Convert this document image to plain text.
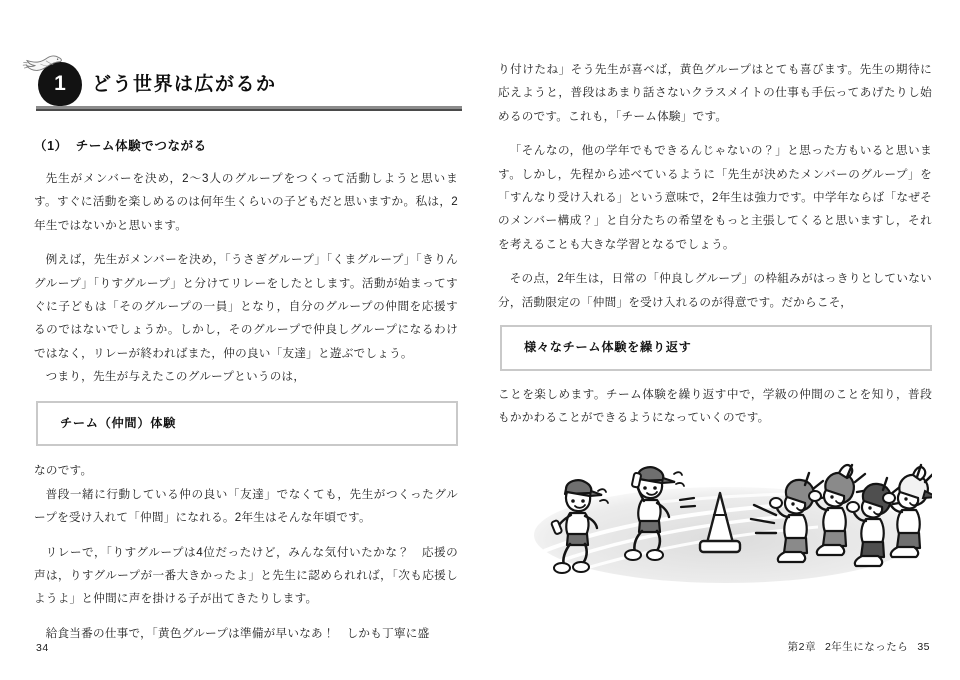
1	どう世界は広がるか
（1） チーム体験でつながる

先生がメンバーを決め，2～3人のグループをつくって活動しようと思います。すぐに活動を楽しめるのは何年生くらいの子どもだと思いますか。私は，2年生ではないかと思います。

例えば，先生がメンバーを決め，「うさぎグループ」「くまグループ」「きりんグループ」「りすグループ」と分けてリレーをしたとします。活動が始まってすぐに子どもは「そのグループの一員」となり，自分のグループの仲間を応援するのではないでしょうか。しかし，そのグループで仲良しグループになるわけではなく，リレーが終わればまた，仲の良い「友達」と遊ぶでしょう。

つまり，先生が与えたこのグループというのは，

チーム（仲間）体験

なのです。

普段一緒に行動している仲の良い「友達」でなくても，先生がつくったグループを受け入れて「仲間」になれる。2年生はそんな年頃です。

リレーで，「りすグループは4位だったけど，みんな気付いたかな？　応援の声は，りすグループが一番大きかったよ」と先生に認められれば，「次も応援しようよ」と仲間に声を掛ける子が出てきたりします。

給食当番の仕事で，「黄色グループは準備が早いなあ！　しかも丁寧に盛

34

り付けたね」そう先生が喜べば，黄色グループはとても喜びます。先生の期待に応えようと，普段はあまり話さないクラスメイトの仕事も手伝ってあげたりし始めるのです。これも，「チーム体験」です。

「そんなの，他の学年でもできるんじゃないの？」と思った方もいると思います。しかし，先程から述べているように「先生が決めたメンバーのグループ」を「すんなり受け入れる」という意味で，2年生は強力です。中学年ならば「なぜそのメンバー構成？」と自分たちの希望をもっと主張してくると思いますし，それを考えることも大きな学習となるでしょう。

その点，2年生は，日常の「仲良しグループ」の枠組みがはっきりとしていない分，活動限定の「仲間」を受け入れるのが得意です。だからこそ，

様々なチーム体験を繰り返す

ことを楽しめます。チーム体験を繰り返す中で，学級の仲間のことを知り，普段もかかわることができるようになっていくのです。

第2章 2年生になったら 35
